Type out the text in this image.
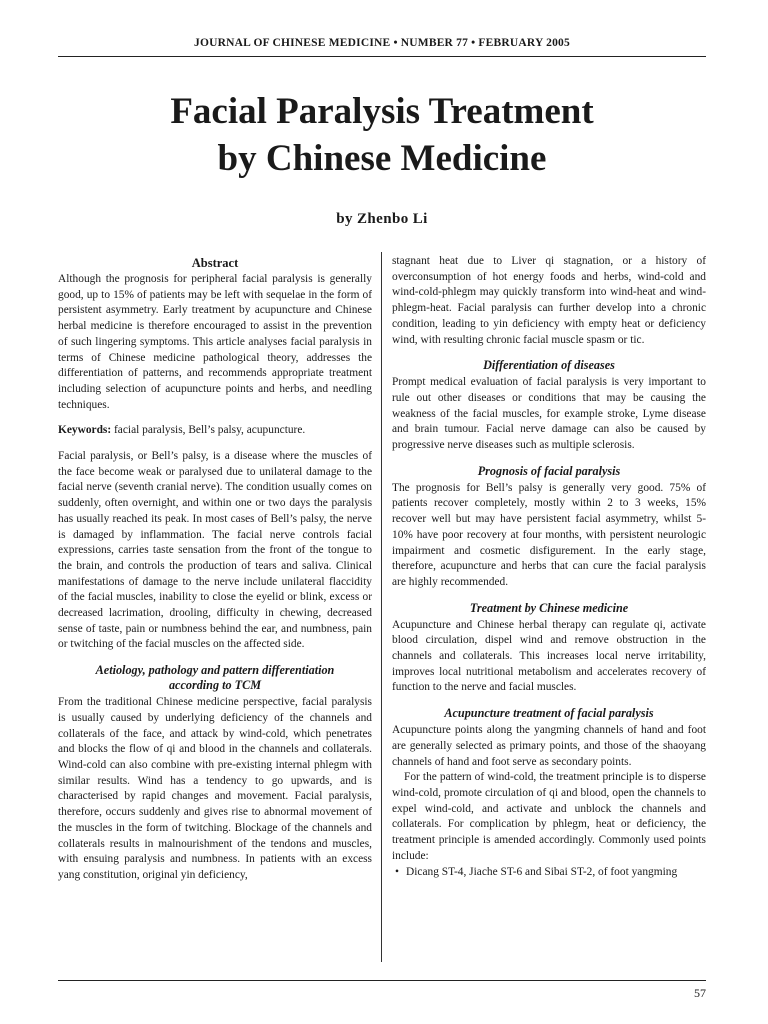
JOURNAL OF CHINESE MEDICINE • NUMBER 77 • FEBRUARY 2005
Facial Paralysis Treatment
by Chinese Medicine
by Zhenbo Li
Abstract

Although the prognosis for peripheral facial paralysis is generally good, up to 15% of patients may be left with sequelae in the form of persistent asymmetry. Early treatment by acupuncture and Chinese herbal medicine is therefore encouraged to assist in the prevention of such lingering symptoms. This article analyses facial paralysis in terms of Chinese medicine pathological theory, addresses the differentiation of patterns, and recommends appropriate treatment including selection of acupuncture points and herbs, and needling techniques.

Keywords: facial paralysis, Bell’s palsy, acupuncture.

Facial paralysis, or Bell’s palsy, is a disease where the muscles of the face become weak or paralysed due to unilateral damage to the facial nerve (seventh cranial nerve). The condition usually comes on suddenly, often overnight, and within one or two days the paralysis has usually reached its peak. In most cases of Bell’s palsy, the nerve is damaged by inflammation. The facial nerve controls facial expressions, carries taste sensation from the front of the tongue to the brain, and controls the production of tears and saliva. Clinical manifestations of damage to the nerve include unilateral flaccidity of the facial muscles, inability to close the eyelid or blink, excess or decreased lacrimation, drooling, difficulty in chewing, decreased sense of taste, pain or numbness behind the ear, and numbness, pain or twitching of the facial muscles on the affected side.

Aetiology, pathology and pattern differentiation
according to TCM

From the traditional Chinese medicine perspective, facial paralysis is usually caused by underlying deficiency of the channels and collaterals of the face, and attack by wind-cold, which penetrates and blocks the flow of qi and blood in the channels and collaterals. Wind-cold can also combine with pre-existing internal phlegm with similar results. Wind has a tendency to go upwards, and is characterised by rapid changes and movement. Facial paralysis, therefore, occurs suddenly and gives rise to abnormal movement of the muscles in the form of twitching. Blockage of the channels and collaterals results in malnourishment of the tendons and muscles, with ensuing paralysis and numbness. In patients with an excess yang constitution, original yin deficiency,

stagnant heat due to Liver qi stagnation, or a history of overconsumption of hot energy foods and herbs, wind-cold and wind-cold-phlegm may quickly transform into wind-heat and wind-phlegm-heat. Facial paralysis can further develop into a chronic condition, leading to yin deficiency with empty heat or deficiency wind, with resulting chronic facial muscle spasm or tic.

Differentiation of diseases

Prompt medical evaluation of facial paralysis is very important to rule out other diseases or conditions that may be causing the weakness of the facial muscles, for example stroke, Lyme disease and brain tumour. Facial nerve damage can also be caused by progressive nerve diseases such as multiple sclerosis.

Prognosis of facial paralysis

The prognosis for Bell’s palsy is generally very good. 75% of patients recover completely, mostly within 2 to 3 weeks, 15% recover well but may have persistent facial asymmetry, whilst 5-10% have poor recovery at four months, with persistent neurologic impairment and cosmetic disfigurement. In the early stage, therefore, acupuncture and herbs that can cure the facial paralysis are highly recommended.

Treatment by Chinese medicine

Acupuncture and Chinese herbal therapy can regulate qi, activate blood circulation, dispel wind and remove obstruction in the channels and collaterals. This increases local nerve irritability, improves local nutritional metabolism and accelerates recovery of function to the nerve and facial muscles.

Acupuncture treatment of facial paralysis

Acupuncture points along the yangming channels of hand and foot are generally selected as primary points, and those of the shaoyang channels of hand and foot serve as secondary points.

For the pattern of wind-cold, the treatment principle is to disperse wind-cold, promote circulation of qi and blood, open the channels to expel wind-cold, and activate and unblock the channels and collaterals. For complication by phlegm, heat or deficiency, the treatment principle is amended accordingly. Commonly used points include:

• Dicang ST-4, Jiache ST-6 and Sibai ST-2, of foot yangming
57
